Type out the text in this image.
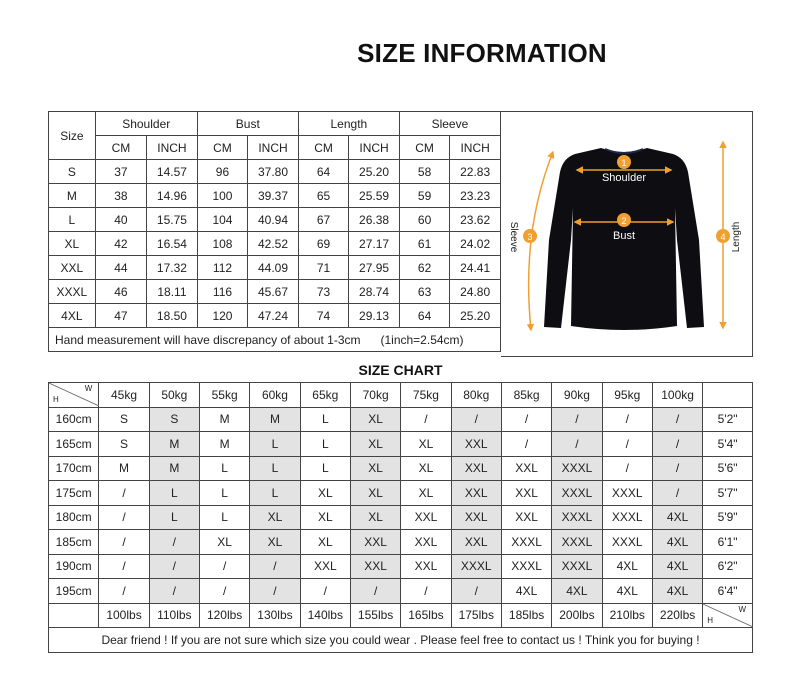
SIZE INFORMATION
Size	Shoulder		Bust		Length		Sleeve	
	CM	INCH	CM	INCH	CM	INCH	CM	INCH
S	37	14.57	96	37.80	64	25.20	58	22.83
M	38	14.96	100	39.37	65	25.59	59	23.23
L	40	15.75	104	40.94	67	26.38	60	23.62
XL	42	16.54	108	42.52	69	27.17	61	24.02
XXL	44	17.32	112	44.09	71	27.95	62	24.41
XXXL	46	18.11	116	45.67	73	28.74	63	24.80
4XL	47	18.50	120	47.24	74	29.13	64	25.20
Hand measurement will have discrepancy of about 1-3cm      (1inch=2.54cm)								
1
Shoulder
2
Bust
3
Sleeve	4 Length
SIZE CHART
H
W	45kg	50kg	55kg	60kg	65kg	70kg	75kg	80kg	85kg	90kg	95kg	100kg	
160cm	S	S	M	M	L	XL	/	/	/	/	/	/	5'2"
165cm	S	M	M	L	L	XL	XL	XXL	/	/	/	/	5'4"
170cm	M	M	L	L	L	XL	XL	XXL	XXL	XXXL	/	/	5'6"
175cm	/	L	L	L	XL	XL	XL	XXL	XXL	XXXL	XXXL	/	5'7"
180cm	/	L	L	XL	XL	XL	XXL	XXL	XXL	XXXL	XXXL	4XL	5'9"
185cm	/	/	XL	XL	XL	XXL	XXL	XXL	XXXL	XXXL	XXXL	4XL	6'1"
190cm	/	/	/	/	XXL	XXL	XXL	XXXL	XXXL	XXXL	4XL	4XL	6'2"
195cm	/	/	/	/	/	/	/	/	4XL	4XL	4XL	4XL	6'4"
	100lbs	110lbs	120lbs	130lbs	140lbs	155lbs	165lbs	175lbs	185lbs	200lbs	210lbs	220lbs	H
W

Dear friend ! If you are not sure which size you could wear . Please feel free to contact us ! Think you for buying !													
